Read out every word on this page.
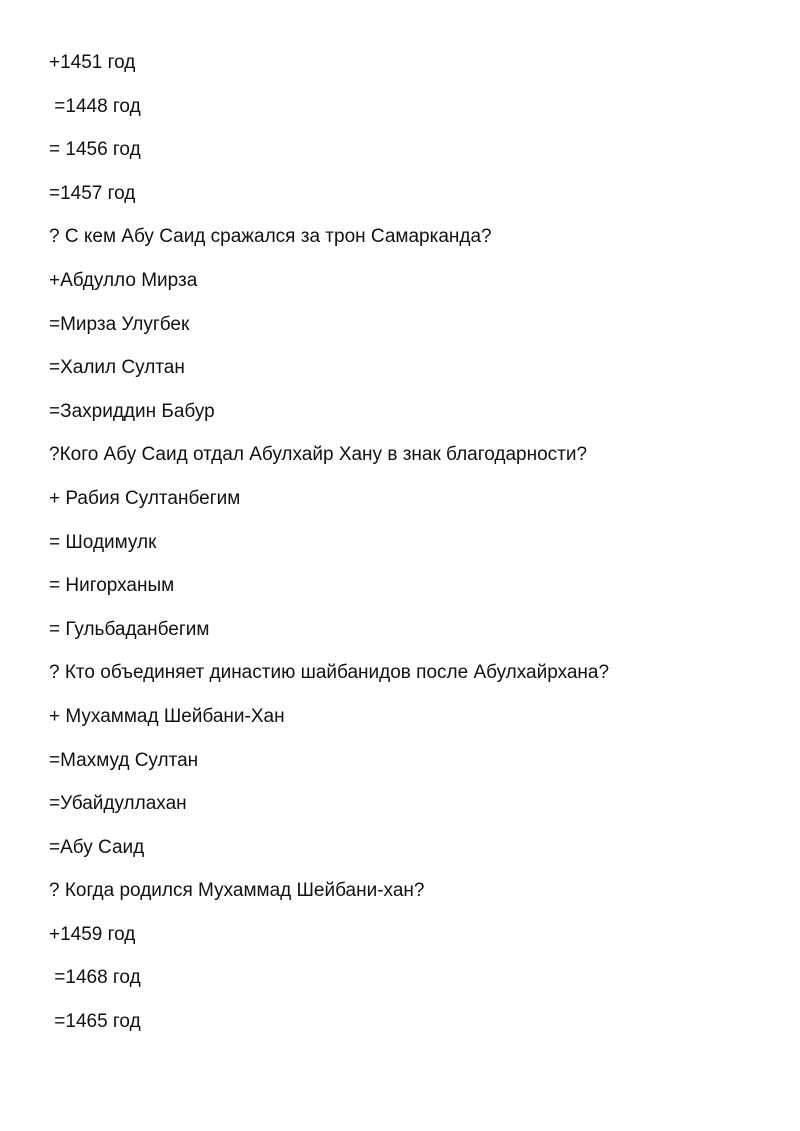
+1451 год
=1448 год
= 1456 год
=1457 год
? С кем Абу Саид сражался за трон Самарканда?
+Абдулло Мирза
=Мирза Улугбек
=Халил Султан
=Захриддин Бабур
?Кого Абу Саид отдал Абулхайр Хану в знак благодарности?
+ Рабия Султанбегим
= Шодимулк
= Нигорханым
= Гульбаданбегим
? Кто объединяет династию шайбанидов после Абулхайрхана?
+ Мухаммад Шейбани-Хан
=Махмуд Султан
=Убайдуллахан
=Абу Саид
? Когда родился Мухаммад Шейбани-хан?
+1459 год
=1468 год
=1465 год
